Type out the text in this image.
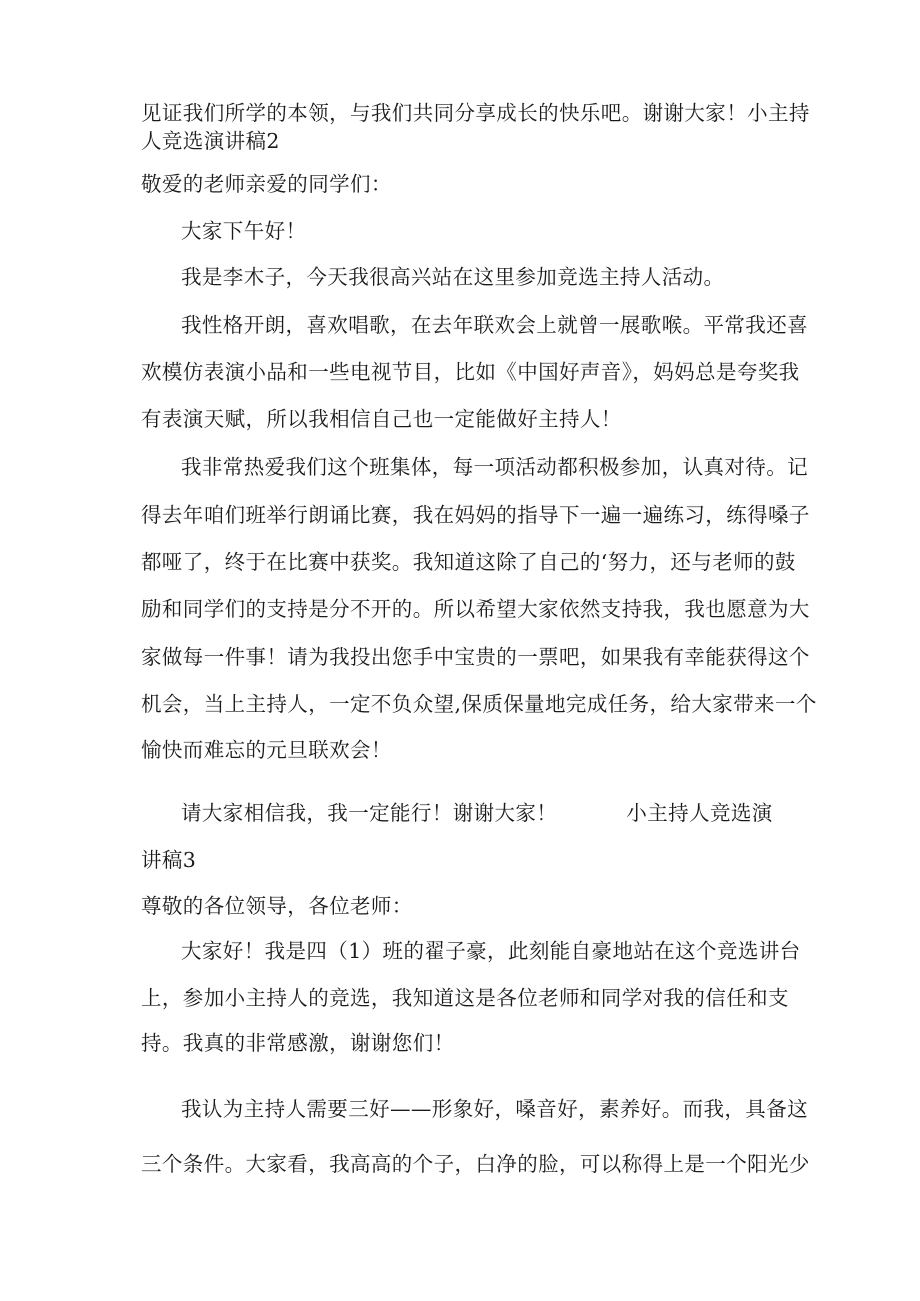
见证我们所学的本领，与我们共同分享成长的快乐吧。谢谢大家！小主持
人竞选演讲稿2
敬爱的老师亲爱的同学们：
大家下午好！
我是李木子，今天我很高兴站在这里参加竞选主持人活动。
我性格开朗，喜欢唱歌，在去年联欢会上就曾一展歌喉。平常我还喜
欢模仿表演小品和一些电视节目，比如《中国好声音》，妈妈总是夸奖我
有表演天赋，所以我相信自己也一定能做好主持人！
我非常热爱我们这个班集体，每一项活动都积极参加，认真对待。记
得去年咱们班举行朗诵比赛，我在妈妈的指导下一遍一遍练习，练得嗓子
都哑了，终于在比赛中获奖。我知道这除了自己的‘努力，还与老师的鼓
励和同学们的支持是分不开的。所以希望大家依然支持我，我也愿意为大
家做每一件事！请为我投出您手中宝贵的一票吧，如果我有幸能获得这个
机会，当上主持人，一定不负众望,保质保量地完成任务，给大家带来一个
愉快而难忘的元旦联欢会！
请大家相信我，我一定能行！谢谢大家！          小主持人竞选演
讲稿3
尊敬的各位领导，各位老师：
大家好！我是四（1）班的翟子豪，此刻能自豪地站在这个竞选讲台
上，参加小主持人的竞选，我知道这是各位老师和同学对我的信任和支
持。我真的非常感激，谢谢您们！
我认为主持人需要三好——形象好，嗓音好，素养好。而我，具备这
三个条件。大家看，我高高的个子，白净的脸，可以称得上是一个阳光少
